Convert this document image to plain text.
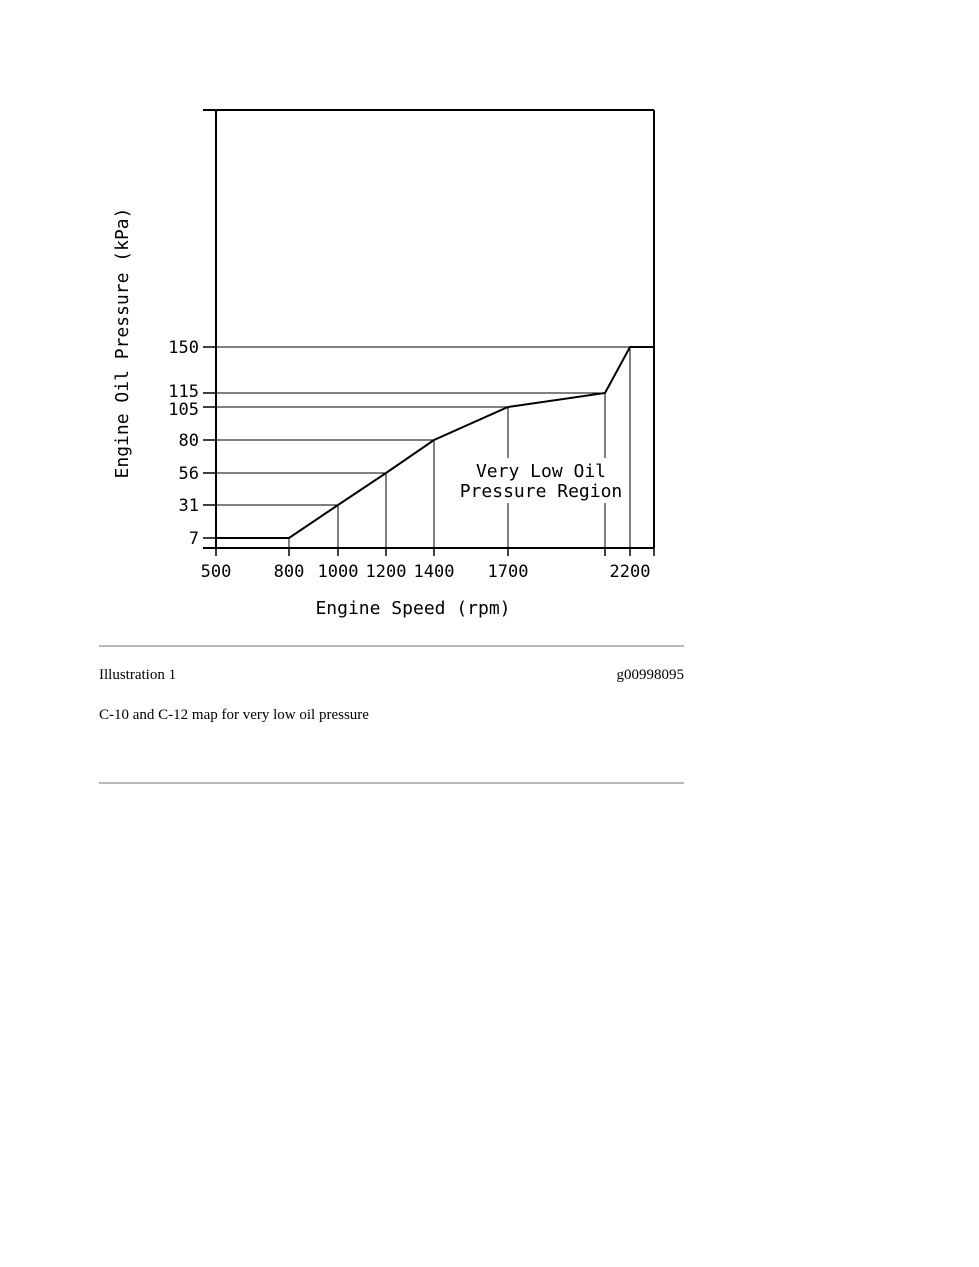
500 800 1000 1200 1400 1700	2200
7
31
56
80
105
115
150
Engine Speed (rpm)
Engine Oil Pressure (kPa)	Very Low Oil
Pressure Region
Illustration 1	g00998095
C-10 and C-12 map for very low oil pressure
